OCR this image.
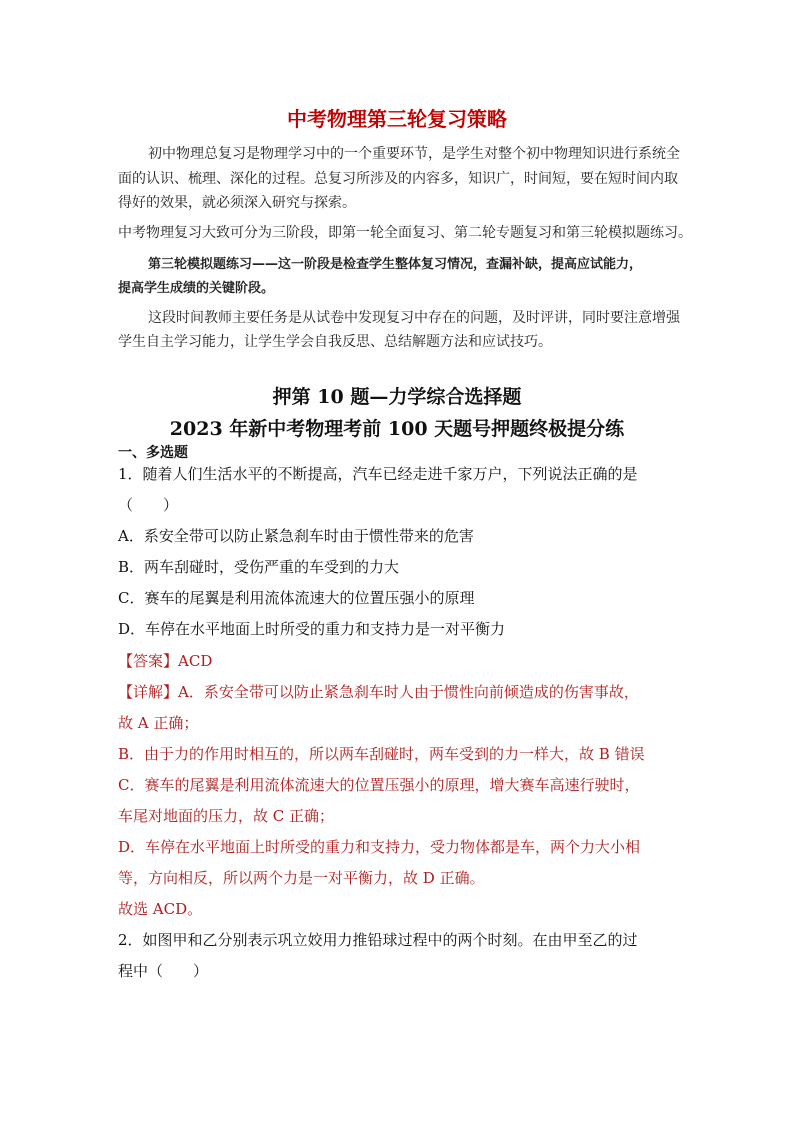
中考物理第三轮复习策略
初中物理总复习是物理学习中的一个重要环节，是学生对整个初中物理知识进行系统全
面的认识、梳理、深化的过程。总复习所涉及的内容多，知识广，时间短，要在短时间内取
得好的效果，就必须深入研究与探索。
中考物理复习大致可分为三阶段，即第一轮全面复习、第二轮专题复习和第三轮模拟题练习。
第三轮模拟题练习——这一阶段是检查学生整体复习情况，查漏补缺，提高应试能力，
提高学生成绩的关键阶段。
这段时间教师主要任务是从试卷中发现复习中存在的问题，及时评讲，同时要注意增强
学生自主学习能力，让学生学会自我反思、总结解题方法和应试技巧。
押第 10 题—力学综合选择题
2023 年新中考物理考前 100 天题号押题终极提分练
一、多选题
1．随着人们生活水平的不断提高，汽车已经走进千家万户，下列说法正确的是
（　　）
A．系安全带可以防止紧急刹车时由于惯性带来的危害
B．两车刮碰时，受伤严重的车受到的力大
C．赛车的尾翼是利用流体流速大的位置压强小的原理
D．车停在水平地面上时所受的重力和支持力是一对平衡力
【答案】ACD
【详解】A．系安全带可以防止紧急刹车时人由于惯性向前倾造成的伤害事故，
故 A 正确；
B．由于力的作用时相互的，所以两车刮碰时，两车受到的力一样大，故 B 错误
C．赛车的尾翼是利用流体流速大的位置压强小的原理，增大赛车高速行驶时，
车尾对地面的压力，故 C 正确；
D．车停在水平地面上时所受的重力和支持力，受力物体都是车，两个力大小相
等，方向相反，所以两个力是一对平衡力，故 D 正确。
故选 ACD。
2．如图甲和乙分别表示巩立姣用力推铅球过程中的两个时刻。在由甲至乙的过
程中（　　）
